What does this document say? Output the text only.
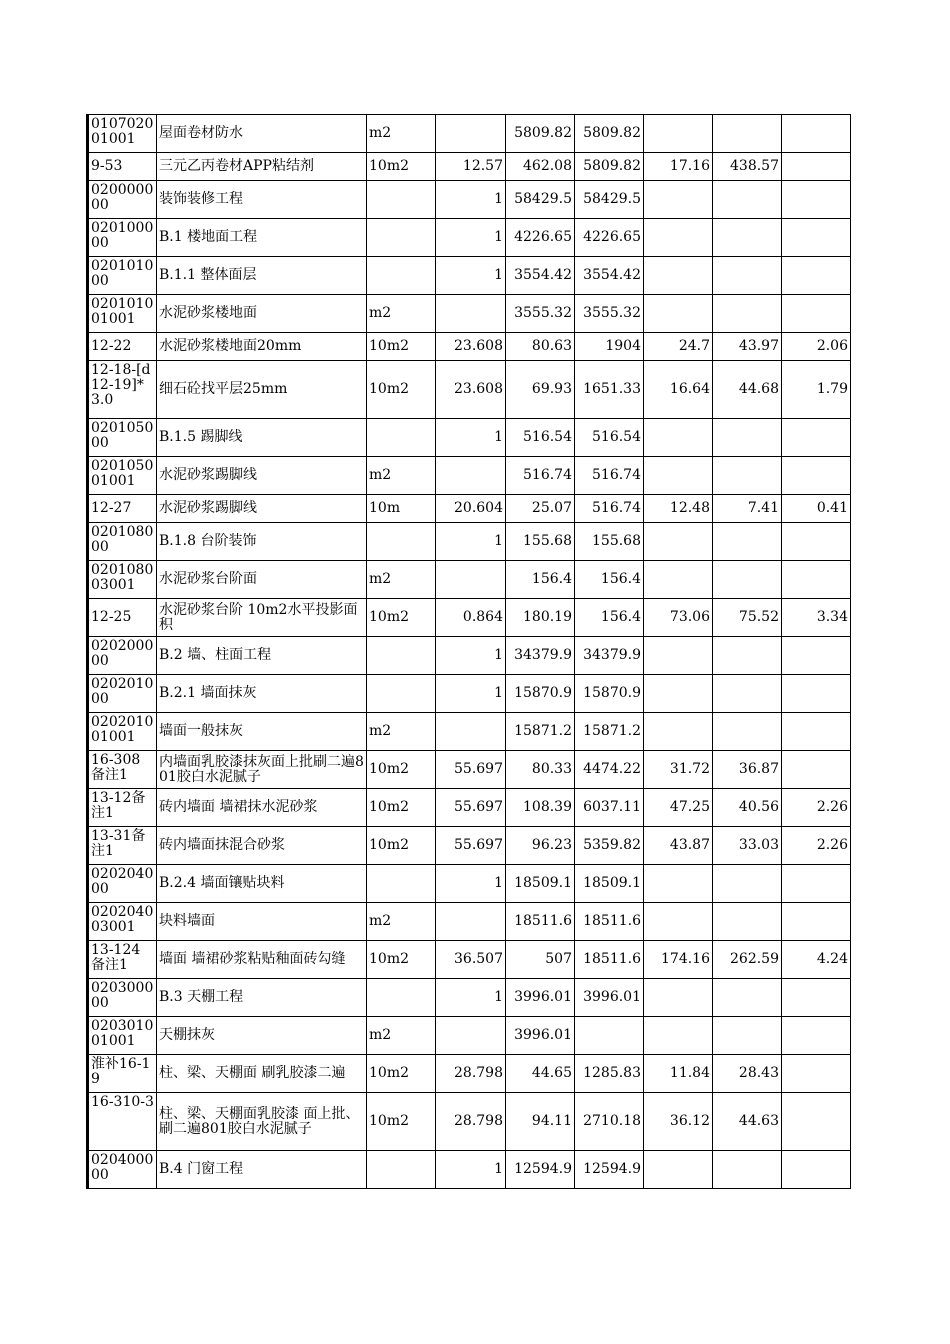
010702001001	屋面卷材防水	m2		5809.82	5809.82			
9-53	三元乙丙卷材APP粘结剂	10m2	12.57	462.08	5809.82	17.16	438.57	
020000000	装饰装修工程		1	58429.5	58429.5			
020100000	B.1 楼地面工程		1	4226.65	4226.65			
020101000	B.1.1 整体面层		1	3554.42	3554.42			
020101001001	水泥砂浆楼地面	m2		3555.32	3555.32			
12-22	水泥砂浆楼地面20mm	10m2	23.608	80.63	1904	24.7	43.97	2.06
12-18-[d12-19]*3.0	细石砼找平层25mm	10m2	23.608	69.93	1651.33	16.64	44.68	1.79
020105000	B.1.5 踢脚线		1	516.54	516.54			
020105001001	水泥砂浆踢脚线	m2		516.74	516.74			
12-27	水泥砂浆踢脚线	10m	20.604	25.07	516.74	12.48	7.41	0.41
020108000	B.1.8 台阶装饰		1	155.68	155.68			
020108003001	水泥砂浆台阶面	m2		156.4	156.4			
12-25	水泥砂浆台阶 10m2水平投影面积	10m2	0.864	180.19	156.4	73.06	75.52	3.34
020200000	B.2 墙、柱面工程		1	34379.9	34379.9			
020201000	B.2.1 墙面抹灰		1	15870.9	15870.9			
020201001001	墙面一般抹灰	m2		15871.2	15871.2			
16-308备注1	内墙面乳胶漆抹灰面上批刷二遍801胶白水泥腻子	10m2	55.697	80.33	4474.22	31.72	36.87	
13-12备注1	砖内墙面 墙裙抹水泥砂浆	10m2	55.697	108.39	6037.11	47.25	40.56	2.26
13-31备注1	砖内墙面抹混合砂浆	10m2	55.697	96.23	5359.82	43.87	33.03	2.26
020204000	B.2.4 墙面镶贴块料		1	18509.1	18509.1			
020204003001	块料墙面	m2		18511.6	18511.6			
13-124备注1	墙面 墙裙砂浆粘贴釉面砖勾缝	10m2	36.507	507	18511.6	174.16	262.59	4.24
020300000	B.3 天棚工程		1	3996.01	3996.01			
020301001001	天棚抹灰	m2		3996.01				
淮补16-19	柱、梁、天棚面 刷乳胶漆二遍	10m2	28.798	44.65	1285.83	11.84	28.43	
16-310-3	柱、梁、天棚面乳胶漆 面上批、刷二遍801胶白水泥腻子	10m2	28.798	94.11	2710.18	36.12	44.63	
020400000	B.4 门窗工程		1	12594.9	12594.9			
